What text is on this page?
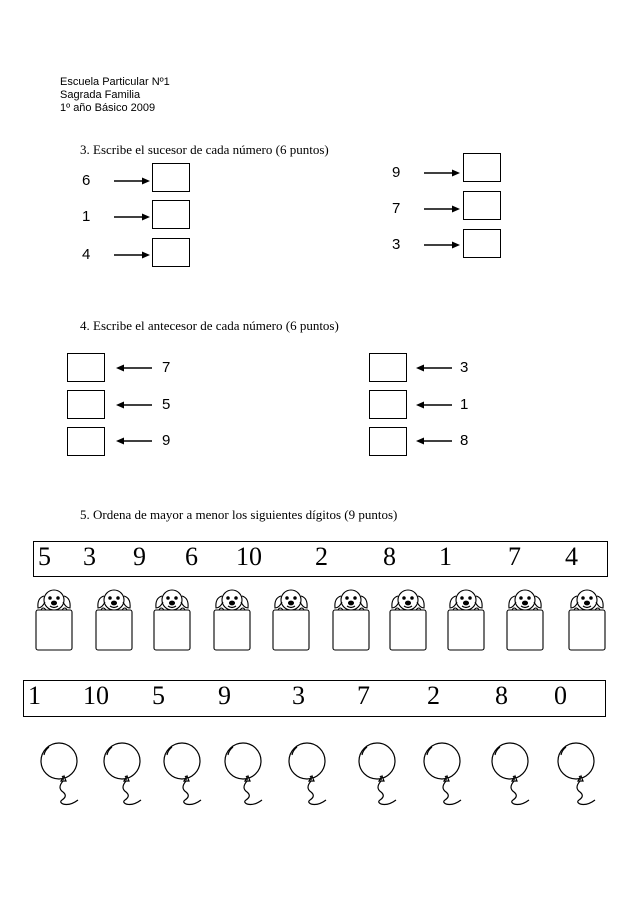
Escuela Particular Nº1
Sagrada Familia
1º año Básico 2009
3. Escribe el sucesor de cada número (6 puntos)
6
1
4
9
7
3
4. Escribe el antecesor de cada número (6 puntos)
7
5
9
3
1
8
5. Ordena de mayor a menor los siguientes dígitos (9 puntos)
5 3 9 6 10 2 8 1 7 4
1 10 5 9 3 7 2 8 0
